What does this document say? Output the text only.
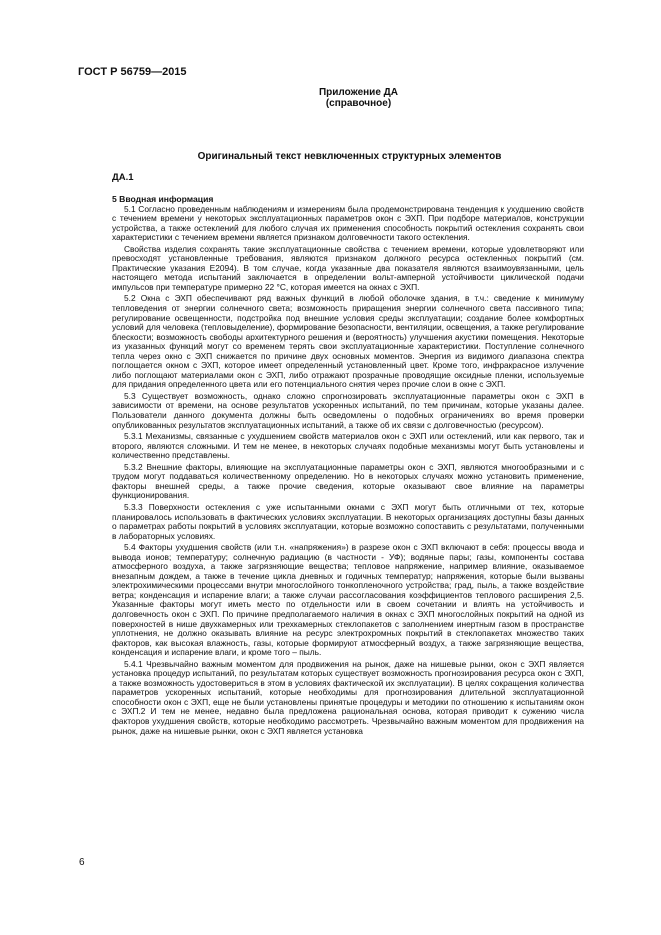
ГОСТ Р 56759—2015
Приложение ДА
(справочное)
Оригинальный текст невключенных структурных элементов
ДА.1
5 Вводная информация

5.1 Согласно проведенным наблюдениям и измерениям была продемонстрирована тенденция к ухудшению свойств с течением времени у некоторых эксплуатационных параметров окон с ЭХП. При подборе материалов, конструкции устройства, а также остеклений для любого случая их применения способность покрытий остекления сохранять свои характеристики с течением времени является признаком долговечности такого остекления.

Свойства изделия сохранять такие эксплуатационные свойства с течением времени, которые удовлетворяют или превосходят установленные требования, являются признаком должного ресурса остекленных покрытий (см. Практические указания E2094). В том случае, когда указанные два показателя являются взаимоувязанными, цель настоящего метода испытаний заключается в определении вольт-амперной устойчивости циклической подачи импульсов при температуре примерно 22 °С, которая имеется на окнах с ЭХП.

5.2 Окна с ЭХП обеспечивают ряд важных функций в любой оболочке здания, в т.ч.: сведение к минимуму тепловедения от энергии солнечного света; возможность приращения энергии солнечного света пассивного типа; регулирование освещенности, подстройка под внешние условия среды эксплуатации; создание более комфортных условий для человека (тепловыделение), формирование безопасности, вентиляции, освещения, а также регулирование блескости; возможность свободы архитектурного решения и (вероятность) улучшения акустики помещения. Некоторые из указанных функций могут со временем терять свои эксплуатационные характеристики. Поступление солнечного тепла через окно с ЭХП снижается по причине двух основных моментов. Энергия из видимого диапазона спектра поглощается окном с ЭХП, которое имеет определенный установленный цвет. Кроме того, инфракрасное излучение либо поглощают материалами окон с ЭХП, либо отражают прозрачные проводящие оксидные пленки, используемые для придания определенного цвета или его потенциального снятия через прочие слои в окне с ЭХП.

5.3 Существует возможность, однако сложно спрогнозировать эксплуатационные параметры окон с ЭХП в зависимости от времени, на основе результатов ускоренных испытаний, по тем причинам, которые указаны далее. Пользователи данного документа должны быть осведомлены о подобных ограничениях во время проверки опубликованных результатов эксплуатационных испытаний, а также об их связи с долговечностью (ресурсом).

5.3.1 Механизмы, связанные с ухудшением свойств материалов окон с ЭХП или остеклений, или как первого, так и второго, являются сложными. И тем не менее, в некоторых случаях подобные механизмы могут быть установлены и количественно представлены.

5.3.2 Внешние факторы, влияющие на эксплуатационные параметры окон с ЭХП, являются многообразными и с трудом могут поддаваться количественному определению. Но в некоторых случаях можно установить применение, факторы внешней среды, а также прочие сведения, которые оказывают свое влияние на параметры функционирования.

5.3.3 Поверхности остекления с уже испытанными окнами с ЭХП могут быть отличными от тех, которые планировалось использовать в фактических условиях эксплуатации. В некоторых организациях доступны базы данных о параметрах работы покрытий в условиях эксплуатации, которые возможно сопоставить с результатами, полученными в лабораторных условиях.

5.4 Факторы ухудшения свойств (или т.н. «напряжения») в разрезе окон с ЭХП включают в себя: процессы ввода и вывода ионов; температуру; солнечную радиацию (в частности - УФ); водяные пары; газы, компоненты состава атмосферного воздуха, а также загрязняющие вещества; тепловое напряжение, например влияние, оказываемое внезапным дождем, а также в течение цикла дневных и годичных температур; напряжения, которые были вызваны электрохимическими процессами внутри многослойного тонкопленочного устройства; град, пыль, а также воздействие ветра; конденсация и испарение влаги; а также случаи рассогласования коэффициентов теплового расширения 2,5. Указанные факторы могут иметь место по отдельности или в своем сочетании и влиять на устойчивость и долговечность окон с ЭХП. По причине предполагаемого наличия в окнах с ЭХП многослойных покрытий на одной из поверхностей в нише двухкамерных или трехкамерных стеклопакетов с заполнением инертным газом в пространстве уплотнения, не должно оказывать влияние на ресурс электрохромных покрытий в стеклопакетах множество таких факторов, как высокая влажность, газы, которые формируют атмосферный воздух, а также загрязняющие вещества, конденсация и испарение влаги, и кроме того – пыль.

5.4.1 Чрезвычайно важным моментом для продвижения на рынок, даже на нишевые рынки, окон с ЭХП является установка процедур испытаний, по результатам которых существует возможность прогнозирования ресурса окон с ЭХП, а также возможность удостовериться в этом в условиях фактической их эксплуатации). В целях сокращения количества параметров ускоренных испытаний, которые необходимы для прогнозирования длительной эксплуатационной способности окон с ЭХП, еще не были установлены принятые процедуры и методики по отношению к испытаниям окон с ЭХП.2 И тем не менее, недавно была предложена рациональная основа, которая приводит к сужению числа факторов ухудшения свойств, которые необходимо рассмотреть. Чрезвычайно важным моментом для продвижения на рынок, даже на нишевые рынки, окон с ЭХП является установка

6
